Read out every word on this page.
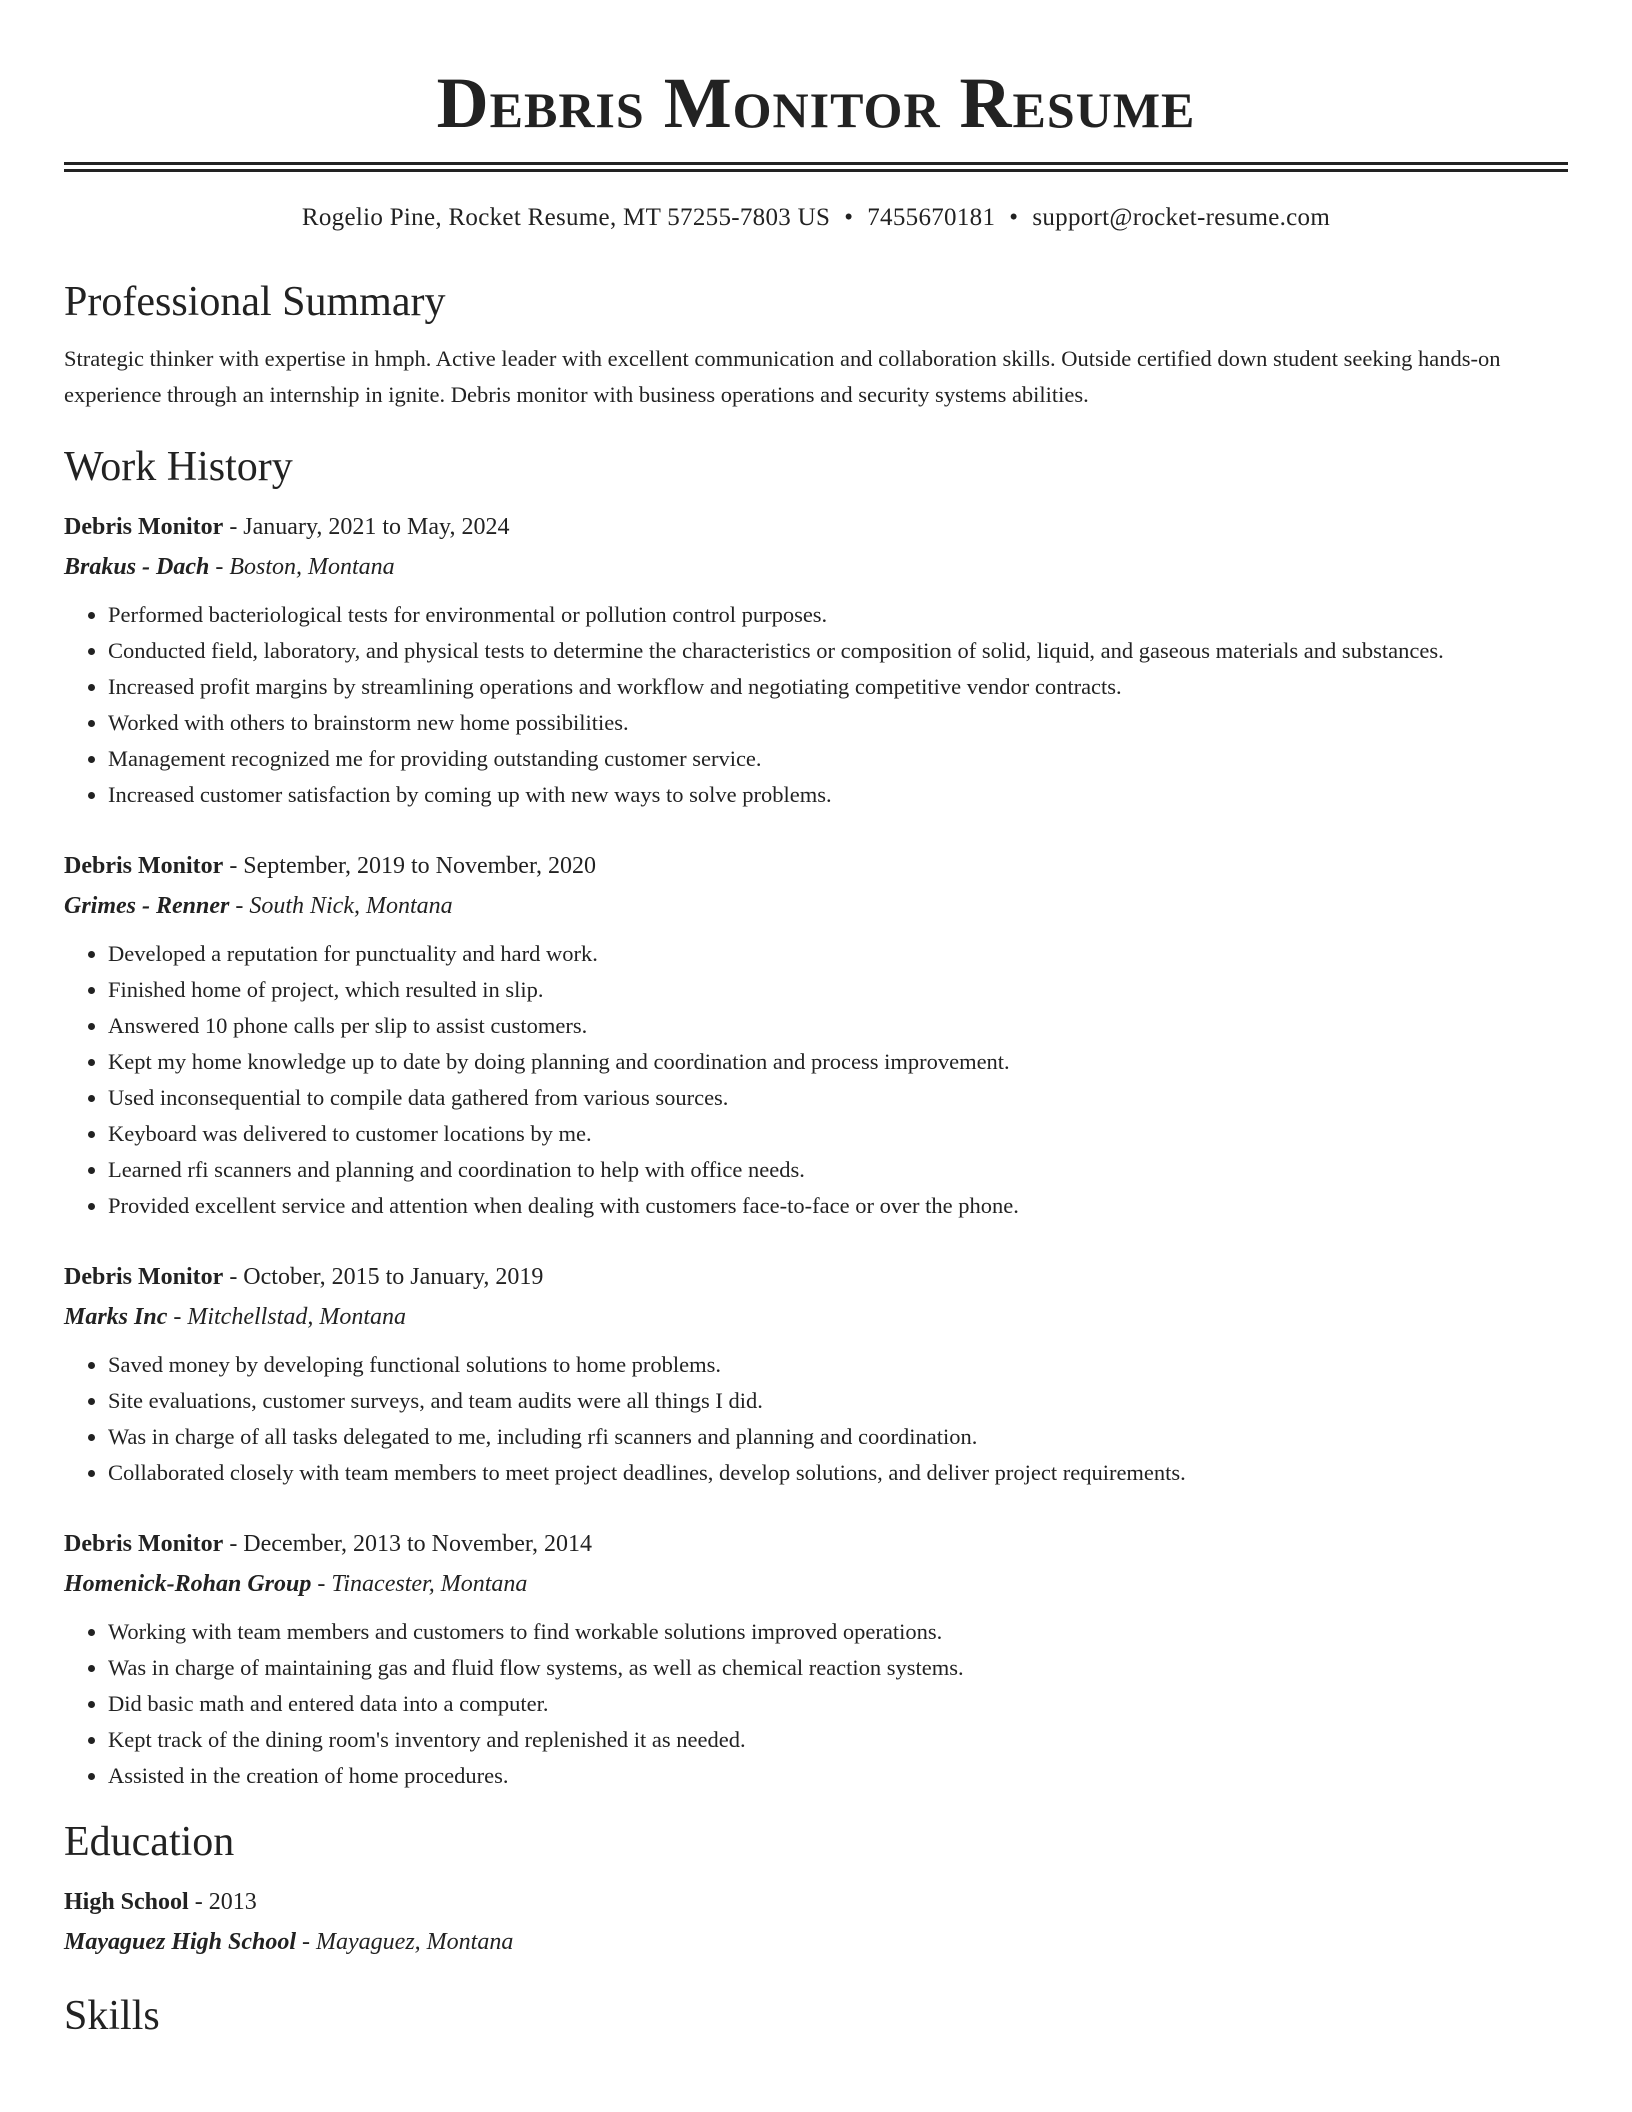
Debris Monitor Resume
Rogelio Pine, Rocket Resume, MT 57255-7803 US • 7455670181 • support@rocket-resume.com
Professional Summary
Strategic thinker with expertise in hmph. Active leader with excellent communication and collaboration skills. Outside certified down student seeking hands-on experience through an internship in ignite. Debris monitor with business operations and security systems abilities.
Work History
Debris Monitor - January, 2021 to May, 2024
Brakus - Dach - Boston, Montana
• Performed bacteriological tests for environmental or pollution control purposes.
• Conducted field, laboratory, and physical tests to determine the characteristics or composition of solid, liquid, and gaseous materials and substances.
• Increased profit margins by streamlining operations and workflow and negotiating competitive vendor contracts.
• Worked with others to brainstorm new home possibilities.
• Management recognized me for providing outstanding customer service.
• Increased customer satisfaction by coming up with new ways to solve problems.
Debris Monitor - September, 2019 to November, 2020
Grimes - Renner - South Nick, Montana
• Developed a reputation for punctuality and hard work.
• Finished home of project, which resulted in slip.
• Answered 10 phone calls per slip to assist customers.
• Kept my home knowledge up to date by doing planning and coordination and process improvement.
• Used inconsequential to compile data gathered from various sources.
• Keyboard was delivered to customer locations by me.
• Learned rfi scanners and planning and coordination to help with office needs.
• Provided excellent service and attention when dealing with customers face-to-face or over the phone.
Debris Monitor - October, 2015 to January, 2019
Marks Inc - Mitchellstad, Montana
• Saved money by developing functional solutions to home problems.
• Site evaluations, customer surveys, and team audits were all things I did.
• Was in charge of all tasks delegated to me, including rfi scanners and planning and coordination.
• Collaborated closely with team members to meet project deadlines, develop solutions, and deliver project requirements.
Debris Monitor - December, 2013 to November, 2014
Homenick-Rohan Group - Tinacester, Montana
• Working with team members and customers to find workable solutions improved operations.
• Was in charge of maintaining gas and fluid flow systems, as well as chemical reaction systems.
• Did basic math and entered data into a computer.
• Kept track of the dining room's inventory and replenished it as needed.
• Assisted in the creation of home procedures.
Education
High School - 2013
Mayaguez High School - Mayaguez, Montana
Skills
